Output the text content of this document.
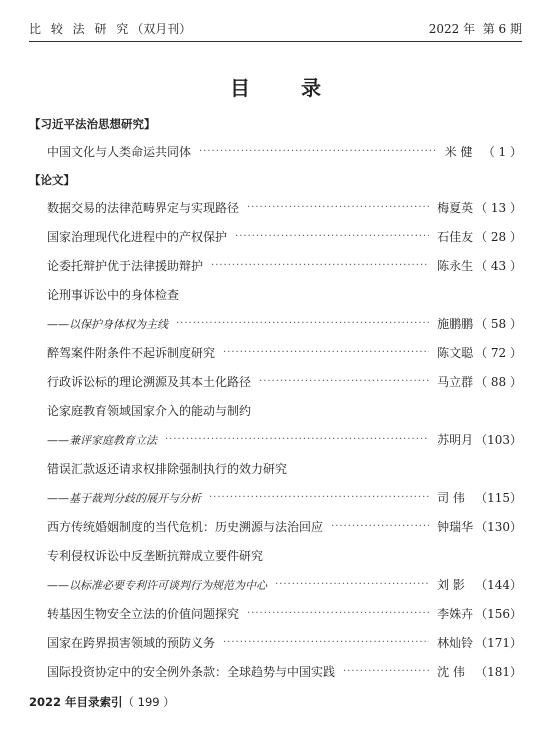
比 较 法 研 究（双月刊）	2022 年 第 6 期
目 录
【习近平法治思想研究】
中国文化与人类命运共同体 ·····	米 健 （ 1 ）
【论文】
数据交易的法律范畴界定与实现路径 ·····	梅夏英 （ 13 ）
国家治理现代化进程中的产权保护 ·····	石佳友 （ 28 ）
论委托辩护优于法律援助辩护 ·····	陈永生 （ 43 ）
论刑事诉讼中的身体检查
——以保护身体权为主线 ·····	施鹏鹏 （ 58 ）
醉驾案件附条件不起诉制度研究 ·····	陈文聪 （ 72 ）
行政诉讼标的理论溯源及其本土化路径 ·····	马立群 （ 88 ）
论家庭教育领域国家介入的能动与制约
——兼评家庭教育立法 ·····	苏明月 （103）
错误汇款返还请求权排除强制执行的效力研究
——基于裁判分歧的展开与分析 ·····	司 伟 （115）
西方传统婚姻制度的当代危机：历史溯源与法治回应 ·····	钟瑞华 （130）
专利侵权诉讼中反垄断抗辩成立要件研究
——以标准必要专利许可谈判行为规范为中心 ·····	刘 影 （144）
转基因生物安全立法的价值问题探究 ·····	李姝卉 （156）
国家在跨界损害领域的预防义务 ·····	林灿铃 （171）
国际投资协定中的安全例外条款：全球趋势与中国实践 ·····	沈 伟 （181）
2022 年目录索引 （ 199 ）
